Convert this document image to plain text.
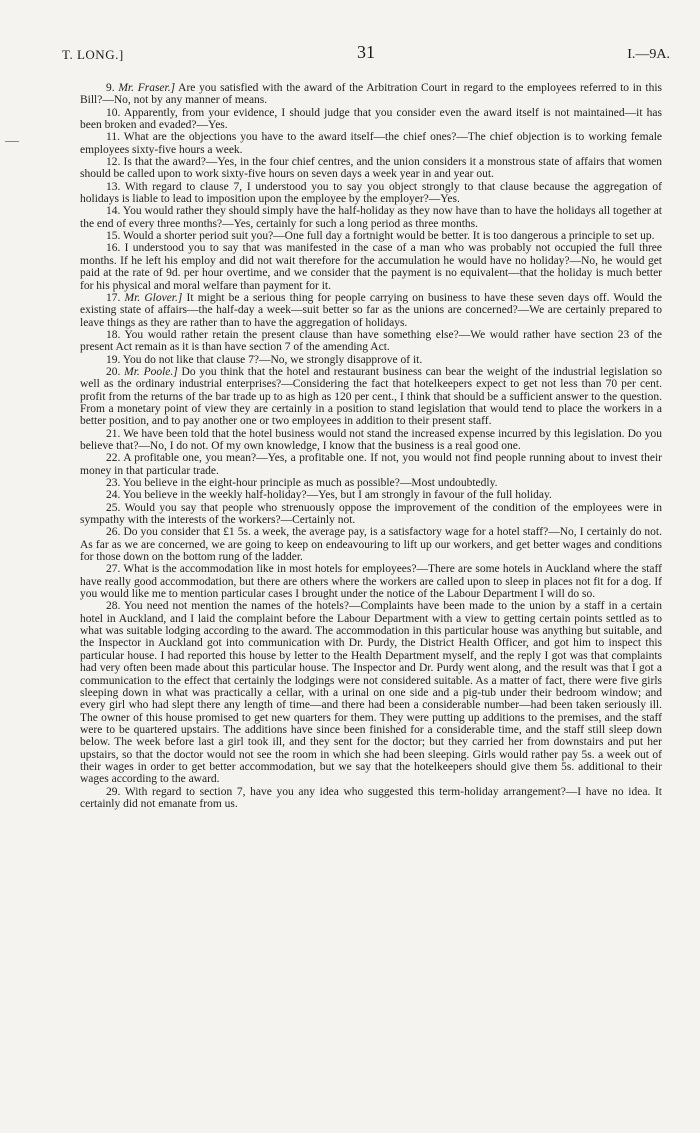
T. LONG.]	31	I.—9A.

9. Mr. Fraser.] Are you satisfied with the award of the Arbitration Court in regard to the employees referred to in this Bill?—No, not by any manner of means.

10. Apparently, from your evidence, I should judge that you consider even the award itself is not maintained—it has been broken and evaded?—Yes.

11. What are the objections you have to the award itself—the chief ones?—The chief objection is to working female employees sixty-five hours a week.

12. Is that the award?—Yes, in the four chief centres, and the union considers it a monstrous state of affairs that women should be called upon to work sixty-five hours on seven days a week year in and year out.

13. With regard to clause 7, I understood you to say you object strongly to that clause because the aggregation of holidays is liable to lead to imposition upon the employee by the employer?—Yes.

14. You would rather they should simply have the half-holiday as they now have than to have the holidays all together at the end of every three months?—Yes, certainly for such a long period as three months.

15. Would a shorter period suit you?—One full day a fortnight would be better. It is too dangerous a principle to set up.

16. I understood you to say that was manifested in the case of a man who was probably not occupied the full three months. If he left his employ and did not wait therefore for the accumulation he would have no holiday?—No, he would get paid at the rate of 9d. per hour overtime, and we consider that the payment is no equivalent—that the holiday is much better for his physical and moral welfare than payment for it.

17. Mr. Glover.] It might be a serious thing for people carrying on business to have these seven days off. Would the existing state of affairs—the half-day a week—suit better so far as the unions are concerned?—We are certainly prepared to leave things as they are rather than to have the aggregation of holidays.

18. You would rather retain the present clause than have something else?—We would rather have section 23 of the present Act remain as it is than have section 7 of the amending Act.

19. You do not like that clause 7?—No, we strongly disapprove of it.

20. Mr. Poole.] Do you think that the hotel and restaurant business can bear the weight of the industrial legislation so well as the ordinary industrial enterprises?—Considering the fact that hotelkeepers expect to get not less than 70 per cent. profit from the returns of the bar trade up to as high as 120 per cent., I think that should be a sufficient answer to the question. From a monetary point of view they are certainly in a position to stand legislation that would tend to place the workers in a better position, and to pay another one or two employees in addition to their present staff.

21. We have been told that the hotel business would not stand the increased expense incurred by this legislation. Do you believe that?—No, I do not. Of my own knowledge, I know that the business is a real good one.

22. A profitable one, you mean?—Yes, a profitable one. If not, you would not find people running about to invest their money in that particular trade.

23. You believe in the eight-hour principle as much as possible?—Most undoubtedly.

24. You believe in the weekly half-holiday?—Yes, but I am strongly in favour of the full holiday.

25. Would you say that people who strenuously oppose the improvement of the condition of the employees were in sympathy with the interests of the workers?—Certainly not.

26. Do you consider that £1 5s. a week, the average pay, is a satisfactory wage for a hotel staff?—No, I certainly do not. As far as we are concerned, we are going to keep on endeavouring to lift up our workers, and get better wages and conditions for those down on the bottom rung of the ladder.

27. What is the accommodation like in most hotels for employees?—There are some hotels in Auckland where the staff have really good accommodation, but there are others where the workers are called upon to sleep in places not fit for a dog. If you would like me to mention particular cases I brought under the notice of the Labour Department I will do so.

28. You need not mention the names of the hotels?—Complaints have been made to the union by a staff in a certain hotel in Auckland, and I laid the complaint before the Labour Department with a view to getting certain points settled as to what was suitable lodging according to the award. The accommodation in this particular house was anything but suitable, and the Inspector in Auckland got into communication with Dr. Purdy, the District Health Officer, and got him to inspect this particular house. I had reported this house by letter to the Health Department myself, and the reply I got was that complaints had very often been made about this particular house. The Inspector and Dr. Purdy went along, and the result was that I got a communication to the effect that certainly the lodgings were not considered suitable. As a matter of fact, there were five girls sleeping down in what was practically a cellar, with a urinal on one side and a pig-tub under their bedroom window; and every girl who had slept there any length of time—and there had been a considerable number—had been taken seriously ill. The owner of this house promised to get new quarters for them. They were putting up additions to the premises, and the staff were to be quartered upstairs. The additions have since been finished for a considerable time, and the staff still sleep down below. The week before last a girl took ill, and they sent for the doctor; but they carried her from downstairs and put her upstairs, so that the doctor would not see the room in which she had been sleeping. Girls would rather pay 5s. a week out of their wages in order to get better accommodation, but we say that the hotelkeepers should give them 5s. additional to their wages according to the award.

29. With regard to section 7, have you any idea who suggested this term-holiday arrangement?—I have no idea. It certainly did not emanate from us.
